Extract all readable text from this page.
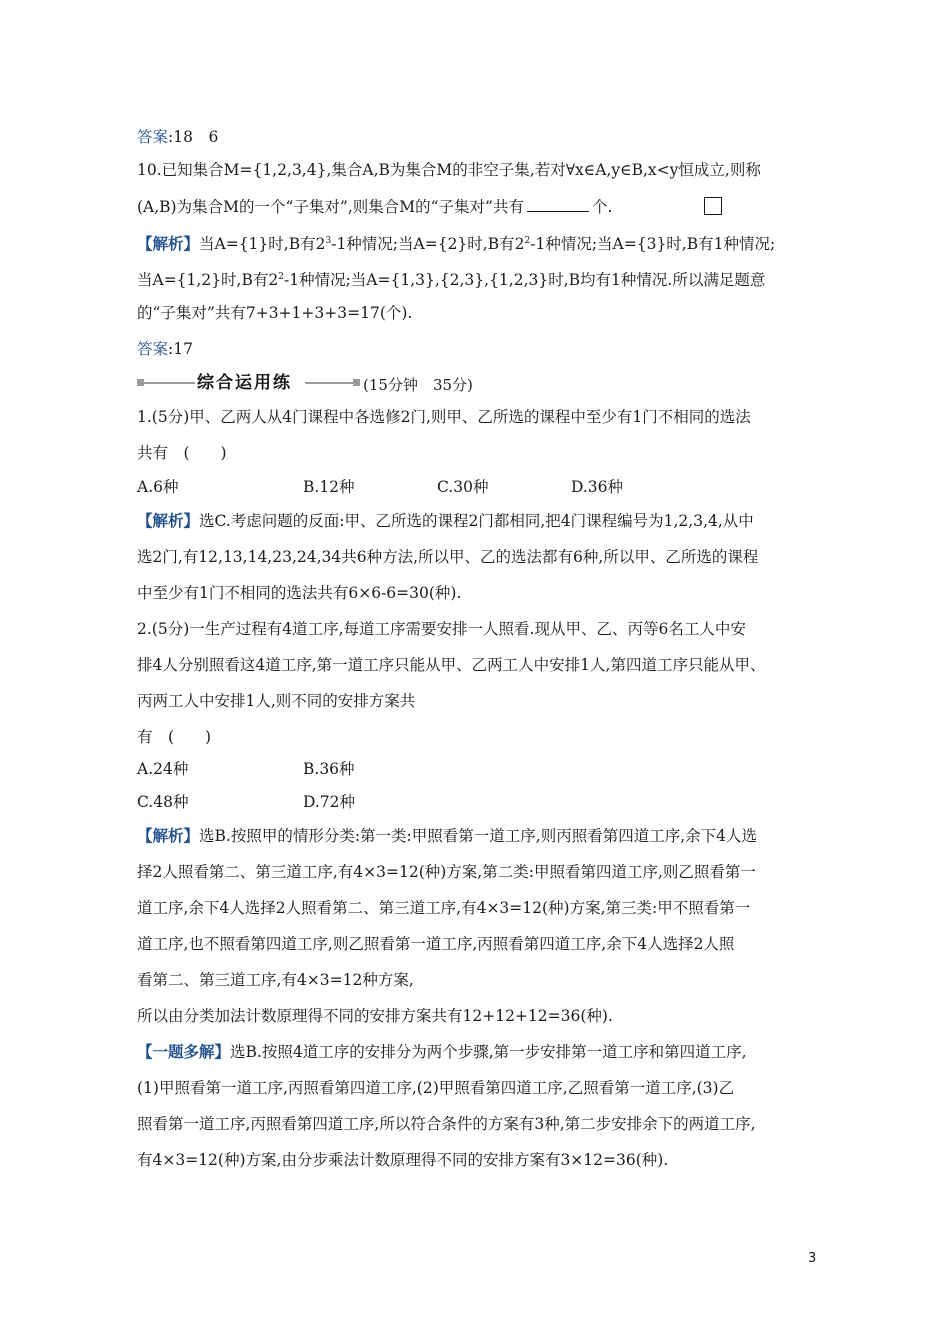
答案:18　6
10.已知集合M={1,2,3,4},集合A,B为集合M的非空子集,若对∀x∈A,y∈B,x<y恒成立,则称
(A,B)为集合M的一个“子集对”,则集合M的“子集对”共有	个.
【解析】当A={1}时,B有$2^3-1$种情况;当A={2}时,B有$2^2-1$种情况;当A={3}时,B有1种情况;
当A={1,2}时,B有$2^2-1$种情况;当A={1,3},{2,3},{1,2,3}时,B均有1种情况.所以满足题意
的“子集对”共有7+3+1+3+3=17(个).
答案:17
综合运用练	(15分钟　35分)
1.(5分)甲、乙两人从4门课程中各选修2门,则甲、乙所选的课程中至少有1门不相同的选法
共有　(　　)
A.6种	B.12种	C.30种	D.36种
【解析】选C.考虑问题的反面:甲、乙所选的课程2门都相同,把4门课程编号为1,2,3,4,从中
选2门,有12,13,14,23,24,34共6种方法,所以甲、乙的选法都有6种,所以甲、乙所选的课程
中至少有1门不相同的选法共有6×6-6=30(种).
2.(5分)一生产过程有4道工序,每道工序需要安排一人照看.现从甲、乙、丙等6名工人中安
排4人分别照看这4道工序,第一道工序只能从甲、乙两工人中安排1人,第四道工序只能从甲、
丙两工人中安排1人,则不同的安排方案共
有　(　　)
A.24种	B.36种
C.48种	D.72种
【解析】选B.按照甲的情形分类:第一类:甲照看第一道工序,则丙照看第四道工序,余下4人选
择2人照看第二、第三道工序,有4×3=12(种)方案,第二类:甲照看第四道工序,则乙照看第一
道工序,余下4人选择2人照看第二、第三道工序,有4×3=12(种)方案,第三类:甲不照看第一
道工序,也不照看第四道工序,则乙照看第一道工序,丙照看第四道工序,余下4人选择2人照
看第二、第三道工序,有4×3=12种方案,
所以由分类加法计数原理得不同的安排方案共有12+12+12=36(种).
【一题多解】选B.按照4道工序的安排分为两个步骤,第一步安排第一道工序和第四道工序,
(1)甲照看第一道工序,丙照看第四道工序,(2)甲照看第四道工序,乙照看第一道工序,(3)乙
照看第一道工序,丙照看第四道工序,所以符合条件的方案有3种,第二步安排余下的两道工序,
有4×3=12(种)方案,由分步乘法计数原理得不同的安排方案有3×12=36(种).
3
